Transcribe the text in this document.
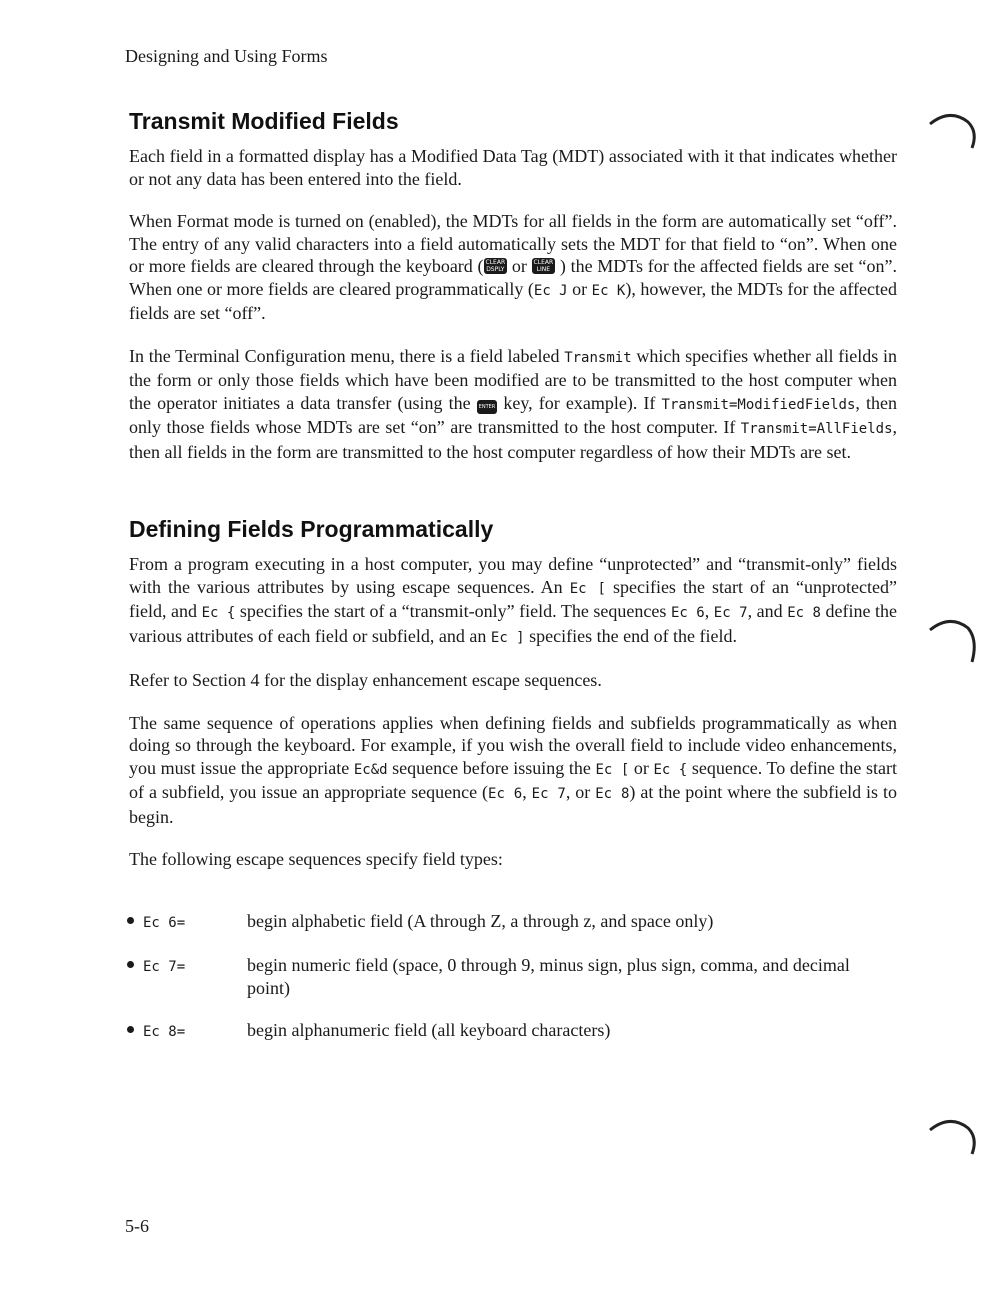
Designing and Using Forms
Transmit Modified Fields

Each field in a formatted display has a Modified Data Tag (MDT) associated with it that indicates whether or not any data has been entered into the field.

When Format mode is turned on (enabled), the MDTs for all fields in the form are automatically set “off”. The entry of any valid characters into a field automatically sets the MDT for that field to “on”. When one or more fields are cleared through the keyboard ( CLEAR
DSPLY or CLEAR
LINE ) the MDTs for the affected fields are set “on”. When one or more fields are cleared programmatically (Ec J or Ec K), however, the MDTs for the affected fields are set “off”.

In the Terminal Configuration menu, there is a field labeled Transmit which specifies whether all fields in the form or only those fields which have been modified are to be transmitted to the host computer when the operator initiates a data transfer (using the ENTER key, for example). If Transmit=ModifiedFields, then only those fields whose MDTs are set “on” are transmitted to the host computer. If Transmit=AllFields, then all fields in the form are transmitted to the host computer regardless of how their MDTs are set.

Defining Fields Programmatically

From a program executing in a host computer, you may define “unprotected” and “transmit-only” fields with the various attributes by using escape sequences. An Ec [ specifies the start of an “unprotected” field, and Ec { specifies the start of a “transmit-only” field. The sequences Ec 6, Ec 7, and Ec 8 define the various attributes of each field or subfield, and an Ec ] specifies the end of the field.

Refer to Section 4 for the display enhancement escape sequences.

The same sequence of operations applies when defining fields and subfields programmatically as when doing so through the keyboard. For example, if you wish the overall field to include video enhancements, you must issue the appropriate Ec&d sequence before issuing the Ec [ or Ec { sequence. To define the start of a subfield, you issue an appropriate sequence (Ec 6, Ec 7, or Ec 8) at the point where the subfield is to begin.

The following escape sequences specify field types:

Ec 6=	begin alphabetic field (A through Z, a through z, and space only)
Ec 7=	begin numeric field (space, 0 through 9, minus sign, plus sign, comma, and decimal point)
Ec 8=	begin alphanumeric field (all keyboard characters)
5-6
